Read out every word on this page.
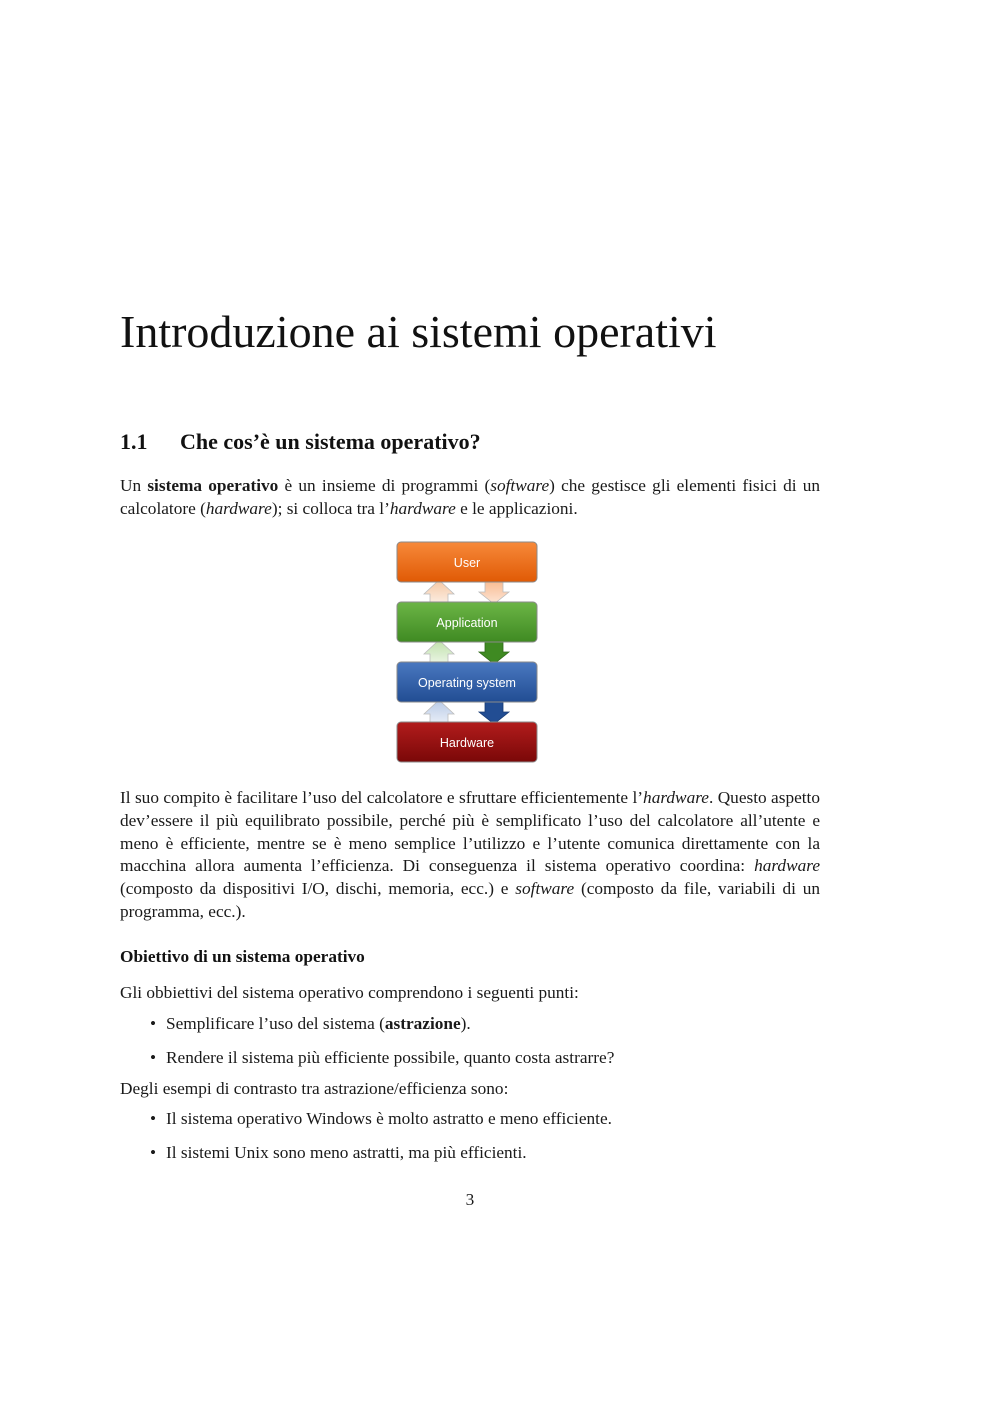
Introduzione ai sistemi operativi
1.1 Che cos’è un sistema operativo?

Un sistema operativo è un insieme di programmi (software) che gestisce gli elementi fisici di un calcolatore (hardware); si colloca tra l’hardware e le applicazioni.

User
Application
Operating system
Hardware

Il suo compito è facilitare l’uso del calcolatore e sfruttare efficientemente l’hardware. Questo aspetto dev’essere il più equilibrato possibile, perché più è semplificato l’uso del calcolatore all’utente e meno è efficiente, mentre se è meno semplice l’utilizzo e l’utente comunica direttamente con la macchina allora aumenta l’efficienza. Di conseguenza il sistema operativo coordina: hardware (composto da dispositivi I/O, dischi, memoria, ecc.) e software (composto da file, variabili di un programma, ecc.).

Obiettivo di un sistema operativo

Gli obbiettivi del sistema operativo comprendono i seguenti punti:

• Semplificare l’uso del sistema (astrazione).
• Rendere il sistema più efficiente possibile, quanto costa astrarre?

Degli esempi di contrasto tra astrazione/efficienza sono:

• Il sistema operativo Windows è molto astratto e meno efficiente.
• Il sistemi Unix sono meno astratti, ma più efficienti.
3
